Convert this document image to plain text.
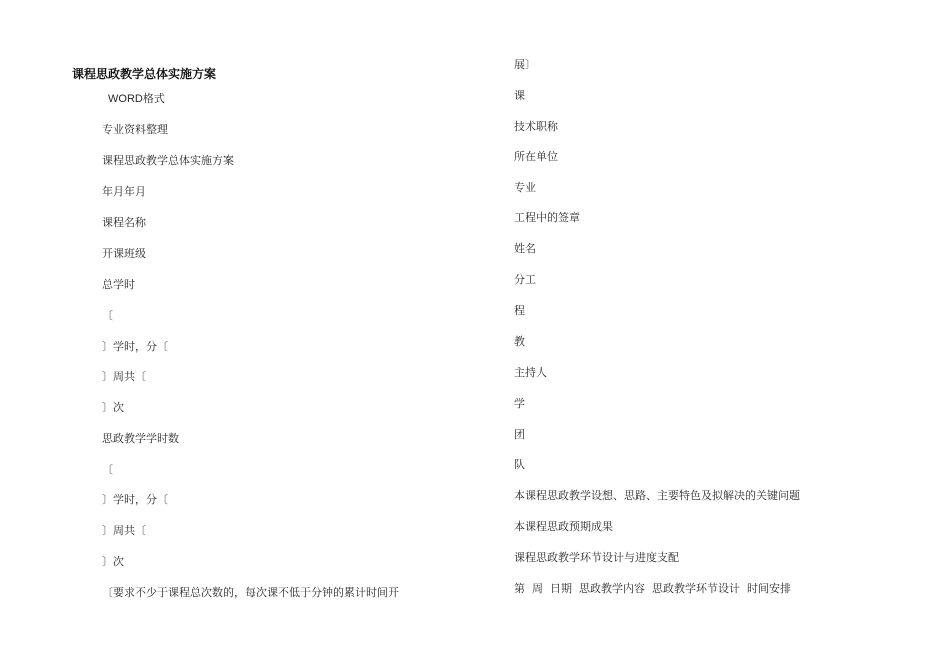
课程思政教学总体实施方案
WORD格式
专业资料整理
课程思政教学总体实施方案
年月年月
课程名称
开课班级
总学时
〔
〕学时，分〔
〕周共〔
〕次
思政教学学时数
〔
〕学时，分〔
〕周共〔
〕次
〔要求不少于课程总次数的，每次课不低于分钟的累计时间开
展〕
课
技术职称
所在单位
专业
工程中的签章
姓名
分工
程
教
主持人
学
团
队
本课程思政教学设想、思路、主要特色及拟解决的关键问题
本课程思政预期成果
课程思政教学环节设计与进度支配
第  周  日期  思政教学内容  思政教学环节设计  时间安排
